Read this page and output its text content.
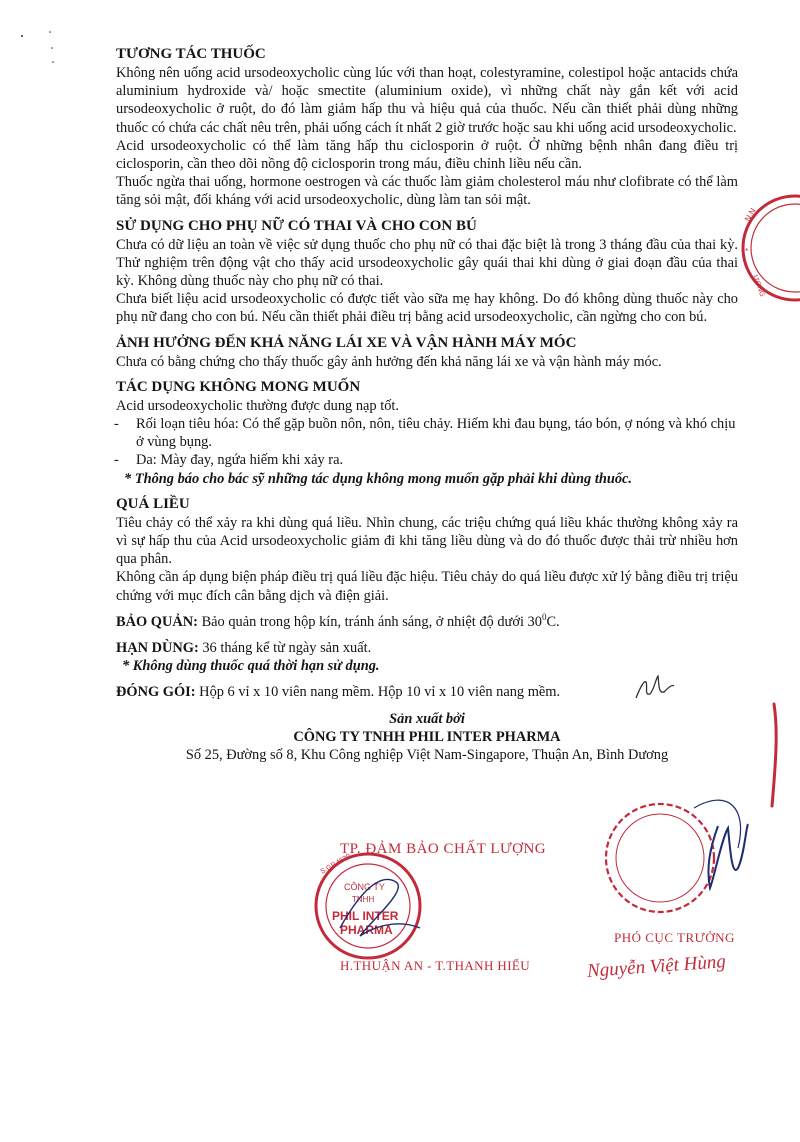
TƯƠNG TÁC THUỐC

Không nên uống acid ursodeoxycholic cùng lúc với than hoạt, colestyramine, colestipol hoặc antacids chứa aluminium hydroxide và/ hoặc smectite (aluminium oxide), vì những chất này gắn kết với acid ursodeoxycholic ở ruột, do đó làm giảm hấp thu và hiệu quả của thuốc. Nếu cần thiết phải dùng những thuốc có chứa các chất nêu trên, phải uống cách ít nhất 2 giờ trước hoặc sau khi uống acid ursodeoxycholic.

Acid ursodeoxycholic có thể làm tăng hấp thu ciclosporin ở ruột. Ở những bệnh nhân đang điều trị ciclosporin, cần theo dõi nồng độ ciclosporin trong máu, điều chỉnh liều nếu cần.

Thuốc ngừa thai uống, hormone oestrogen và các thuốc làm giảm cholesterol máu như clofibrate có thể làm tăng sỏi mật, đối kháng với acid ursodeoxycholic, dùng làm tan sỏi mật.

SỬ DỤNG CHO PHỤ NỮ CÓ THAI VÀ CHO CON BÚ

Chưa có dữ liệu an toàn về việc sử dụng thuốc cho phụ nữ có thai đặc biệt là trong 3 tháng đầu của thai kỳ. Thử nghiệm trên động vật cho thấy acid ursodeoxycholic gây quái thai khi dùng ở giai đoạn đầu của thai kỳ. Không dùng thuốc này cho phụ nữ có thai.

Chưa biết liệu acid ursodeoxycholic có được tiết vào sữa mẹ hay không. Do đó không dùng thuốc này cho phụ nữ đang cho con bú. Nếu cần thiết phải điều trị bằng acid ursodeoxycholic, cần ngừng cho con bú.

ẢNH HƯỞNG ĐẾN KHẢ NĂNG LÁI XE VÀ VẬN HÀNH MÁY MÓC

Chưa có bằng chứng cho thấy thuốc gây ảnh hưởng đến khả năng lái xe và vận hành máy móc.

TÁC DỤNG KHÔNG MONG MUỐN

Acid ursodeoxycholic thường được dung nạp tốt.

-	Rối loạn tiêu hóa: Có thể gặp buồn nôn, nôn, tiêu chảy. Hiếm khi đau bụng, táo bón, ợ nóng và khó chịu ở vùng bụng.
-	Da: Mày đay, ngứa hiếm khi xảy ra.

* Thông báo cho bác sỹ những tác dụng không mong muốn gặp phải khi dùng thuốc.

QUÁ LIỀU

Tiêu chảy có thể xảy ra khi dùng quá liều. Nhìn chung, các triệu chứng quá liều khác thường không xảy ra vì sự hấp thu của Acid ursodeoxycholic giảm đi khi tăng liều dùng và do đó thuốc được thải trừ nhiều hơn qua phân.

Không cần áp dụng biện pháp điều trị quá liều đặc hiệu. Tiêu chảy do quá liều được xử lý bằng điều trị triệu chứng với mục đích cân bằng dịch và điện giải.

BẢO QUẢN: Bảo quản trong hộp kín, tránh ánh sáng, ở nhiệt độ dưới $30^0C$.

HẠN DÙNG: 36 tháng kể từ ngày sản xuất.

* Không dùng thuốc quá thời hạn sử dụng.

ĐÓNG GÓI: Hộp 6 vỉ x 10 viên nang mềm. Hộp 10 vỉ x 10 viên nang mềm.

Sản xuất bởi

CÔNG TY TNHH PHIL INTER PHARMA

Số 25, Đường số 8, Khu Công nghiệp Việt Nam-Singapore, Thuận An, Bình Dương

N.N
*
ƯƠNG
TP. ĐẢM BẢO CHẤT LƯỢNG
CÔNG TY
TNHH
PHIL INTER
PHARMA
S.GP.4630
H.THUẬN AN - T.THANH HIẾU
PHÓ CỤC TRƯỞNG
Nguyễn Việt Hùng
